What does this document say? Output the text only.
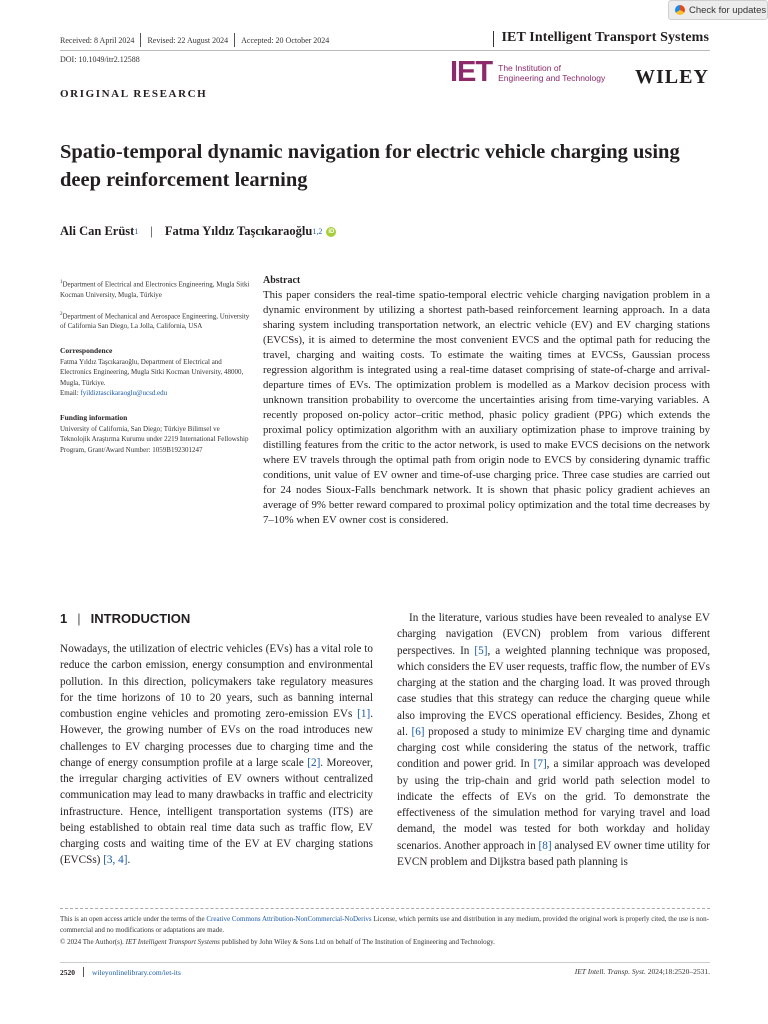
Check for updates
Received: 8 April 2024 Revised: 22 August 2024 Accepted: 20 October 2024	IET Intelligent Transport Systems
DOI: 10.1049/itr2.12588	IET The Institution of
Engineering and Technology WILEY
ORIGINAL RESEARCH
Spatio-temporal dynamic navigation for electric vehicle charging using deep reinforcement learning
Ali Can Erüst 1 | Fatma Yıldız Taşcıkaraoğlu 1,2	iD

$^1$Department of Electrical and Electronics Engineering, Mugla Sitki Kocman University, Mugla, Türkiye

$^2$Department of Mechanical and Aerospace Engineering, University of California San Diego, La Jolla, California, USA

Correspondence
Fatma Yıldız Taşcıkaraoğlu, Department of Electrical and Electronics Engineering, Mugla Sitki Kocman University, 48000, Mugla, Türkiye.
Email: fyildiztascikaraoglu@ucsd.edu

Funding information
University of California, San Diego; Türkiye Bilimsel ve Teknolojik Araştırma Kurumu under 2219 International Fellowship Program, Grant/Award Number: 1059B192301247

Abstract
This paper considers the real-time spatio-temporal electric vehicle charging navigation problem in a dynamic environment by utilizing a shortest path-based reinforcement learning approach. In a data sharing system including transportation network, an electric vehicle (EV) and EV charging stations (EVCSs), it is aimed to determine the most convenient EVCS and the optimal path for reducing the travel, charging and waiting costs. To estimate the waiting times at EVCSs, Gaussian process regression algorithm is integrated using a real-time dataset comprising of state-of-charge and arrival-departure times of EVs. The optimization problem is modelled as a Markov decision process with unknown transition probability to overcome the uncertainties arising from time-varying variables. A recently proposed on-policy actor–critic method, phasic policy gradient (PPG) which extends the proximal policy optimization algorithm with an auxiliary optimization phase to improve training by distilling features from the critic to the actor network, is used to make EVCS decisions on the network where EV travels through the optimal path from origin node to EVCS by considering dynamic traffic conditions, unit value of EV owner and time-of-use charging price. Three case studies are carried out for 24 nodes Sioux-Falls benchmark network. It is shown that phasic policy gradient achieves an average of 9% better reward compared to proximal policy optimization and the total time decreases by 7–10% when EV owner cost is considered.
1 | INTRODUCTION
Nowadays, the utilization of electric vehicles (EVs) has a vital role to reduce the carbon emission, energy consumption and environmental pollution. In this direction, policymakers take regulatory measures for the time horizons of 10 to 20 years, such as banning internal combustion engine vehicles and promoting zero-emission EVs [1]. However, the growing number of EVs on the road introduces new challenges to EV charging processes due to charging time and the change of energy consumption profile at a large scale [2]. Moreover, the irregular charging activities of EV owners without centralized communication may lead to many drawbacks in traffic and electricity infrastructure. Hence, intelligent transportation systems (ITS) are being established to obtain real time data such as traffic flow, EV charging costs and waiting time of the EV at EV charging stations (EVCSs) [3, 4].
In the literature, various studies have been revealed to analyse EV charging navigation (EVCN) problem from various different perspectives. In [5], a weighted planning technique was proposed, which considers the EV user requests, traffic flow, the number of EVs charging at the station and the charging load. It was proved through case studies that this strategy can reduce the charging queue while also improving the EVCS operational efficiency. Besides, Zhong et al. [6] proposed a study to minimize EV charging time and dynamic charging cost while considering the status of the network, traffic condition and power grid. In [7], a similar approach was developed by using the trip-chain and grid world path selection model to indicate the effects of EVs on the grid. To demonstrate the effectiveness of the simulation method for varying travel and load demand, the model was tested for both workday and holiday scenarios. Another approach in [8] analysed EV owner time utility for EVCN problem and Dijkstra based path planning is
This is an open access article under the terms of the Creative Commons Attribution-NonCommercial-NoDerivs License, which permits use and distribution in any medium, provided the original work is properly cited, the use is non-commercial and no modifications or adaptations are made.
© 2024 The Author(s). IET Intelligent Transport Systems published by John Wiley & Sons Ltd on behalf of The Institution of Engineering and Technology.
2520 wileyonlinelibrary.com/iet-its	IET Intell. Transp. Syst. 2024;18:2520–2531.
